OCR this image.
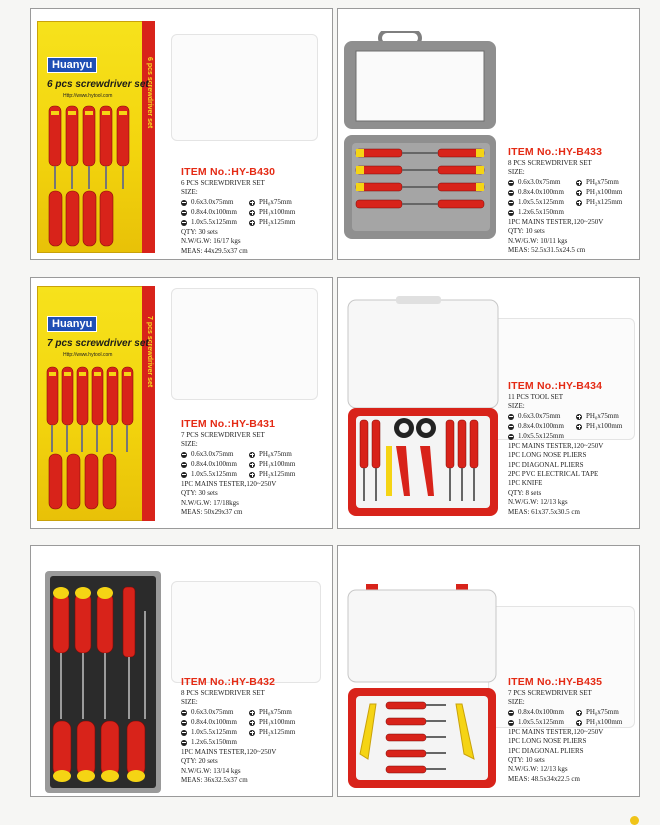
6 pcs screwdriver set
Huanyu
6 pcs screwdriver set
Http://www.hytool.com
ITEM No.:HY-B430
6 PCS SCREWDRIVER SET
SIZE:
0.6x3.0x75mm	PH₀x75mm
0.8x4.0x100mm	PH₁x100mm
1.0x5.5x125mm	PH₂x125mm
QTY: 30 sets
N.W/G.W: 16/17 kgs
MEAS: 44x29.5x37 cm
ITEM No.:HY-B433
8 PCS SCREWDRIVER SET
SIZE:
0.6x3.0x75mm	PH₀x75mm
0.8x4.0x100mm	PH₁x100mm
1.0x5.5x125mm	PH₂x125mm
1.2x6.5x150mm
1PC MAINS TESTER,120~250V
QTY: 10 sets
N.W/G.W: 10/11 kgs
MEAS: 52.5x31.5x24.5 cm
7 pcs screwdriver set
Huanyu
7 pcs screwdriver set
Http://www.hytool.com
ITEM No.:HY-B431
7 PCS SCREWDRIVER SET
SIZE:
0.6x3.0x75mm	PH₀x75mm
0.8x4.0x100mm	PH₁x100mm
1.0x5.5x125mm	PH₂x125mm
1PC MAINS TESTER,120~250V
QTY: 30 sets
N.W/G.W: 17/18kgs
MEAS: 50x29x37 cm
ITEM No.:HY-B434
11 PCS TOOL SET
SIZE:
0.6x3.0x75mm	PH₀x75mm
0.8x4.0x100mm	PH₁x100mm
1.0x5.5x125mm
1PC MAINS TESTER,120~250V
1PC LONG NOSE PLIERS
1PC DIAGONAL PLIERS
2PC PVC ELECTRICAL TAPE
1PC KNIFE
QTY: 8 sets
N.W/G.W: 12/13 kgs
MEAS: 61x37.5x30.5 cm
ITEM No.:HY-B432
8 PCS SCREWDRIVER SET
SIZE:
0.6x3.0x75mm	PH₀x75mm
0.8x4.0x100mm	PH₁x100mm
1.0x5.5x125mm	PH₂x125mm
1.2x6.5x150mm
1PC MAINS TESTER,120~250V
QTY: 20 sets
N.W/G.W: 13/14 kgs
MEAS: 36x32.5x37 cm
ITEM No.:HY-B435
7 PCS SCREWDRIVER SET
SIZE:
0.8x4.0x100mm	PH₀x75mm
1.0x5.5x125mm	PH₁x100mm
1PC MAINS TESTER,120~250V
1PC LONG NOSE PLIERS
1PC DIAGONAL PLIERS
QTY: 10 sets
N.W/G.W: 12/13 kgs
MEAS: 48.5x34x22.5 cm
